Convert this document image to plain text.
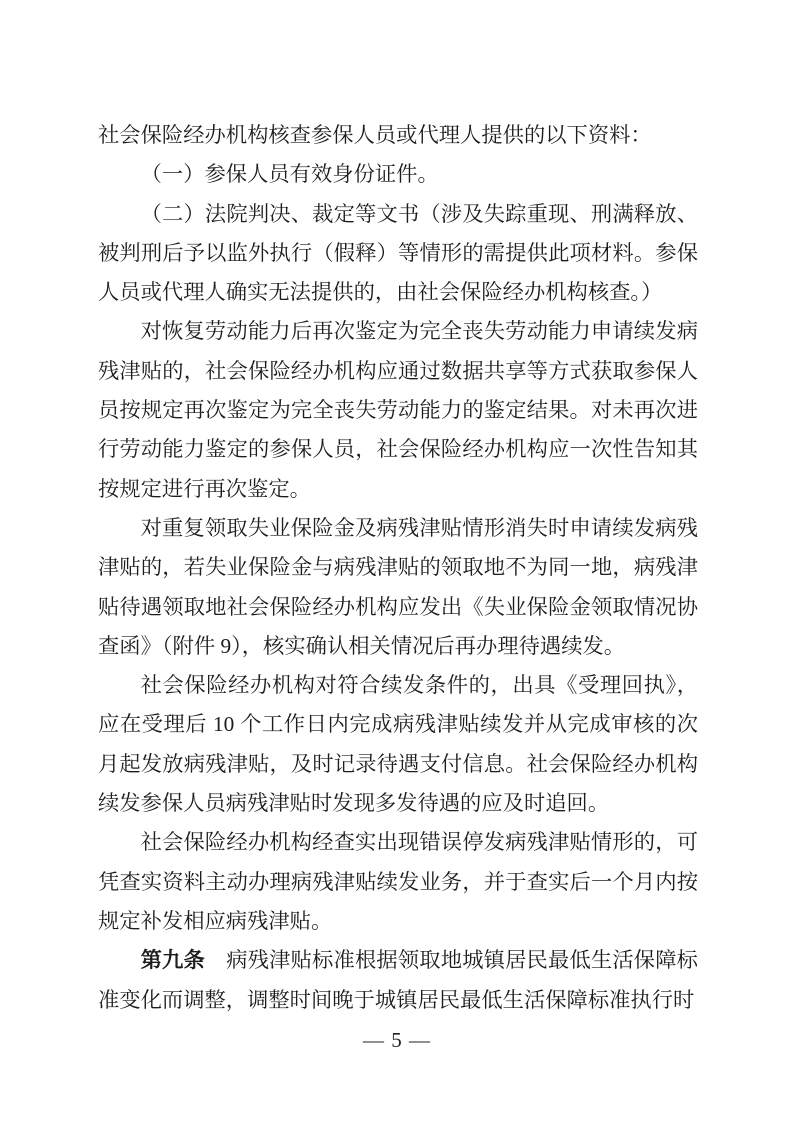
社会保险经办机构核查参保人员或代理人提供的以下资料：

（一）参保人员有效身份证件。

（二）法院判决、裁定等文书（涉及失踪重现、刑满释放、被判刑后予以监外执行（假释）等情形的需提供此项材料。参保人员或代理人确实无法提供的，由社会保险经办机构核查。）

对恢复劳动能力后再次鉴定为完全丧失劳动能力申请续发病残津贴的，社会保险经办机构应通过数据共享等方式获取参保人员按规定再次鉴定为完全丧失劳动能力的鉴定结果。对未再次进行劳动能力鉴定的参保人员，社会保险经办机构应一次性告知其按规定进行再次鉴定。

对重复领取失业保险金及病残津贴情形消失时申请续发病残津贴的，若失业保险金与病残津贴的领取地不为同一地，病残津贴待遇领取地社会保险经办机构应发出《失业保险金领取情况协查函》（附件 9），核实确认相关情况后再办理待遇续发。

社会保险经办机构对符合续发条件的，出具《受理回执》，应在受理后 10 个工作日内完成病残津贴续发并从完成审核的次月起发放病残津贴，及时记录待遇支付信息。社会保险经办机构续发参保人员病残津贴时发现多发待遇的应及时追回。

社会保险经办机构经查实出现错误停发病残津贴情形的，可凭查实资料主动办理病残津贴续发业务，并于查实后一个月内按规定补发相应病残津贴。

第九条 病残津贴标准根据领取地城镇居民最低生活保障标准变化而调整，调整时间晚于城镇居民最低生活保障标准执行时

— 5 —
